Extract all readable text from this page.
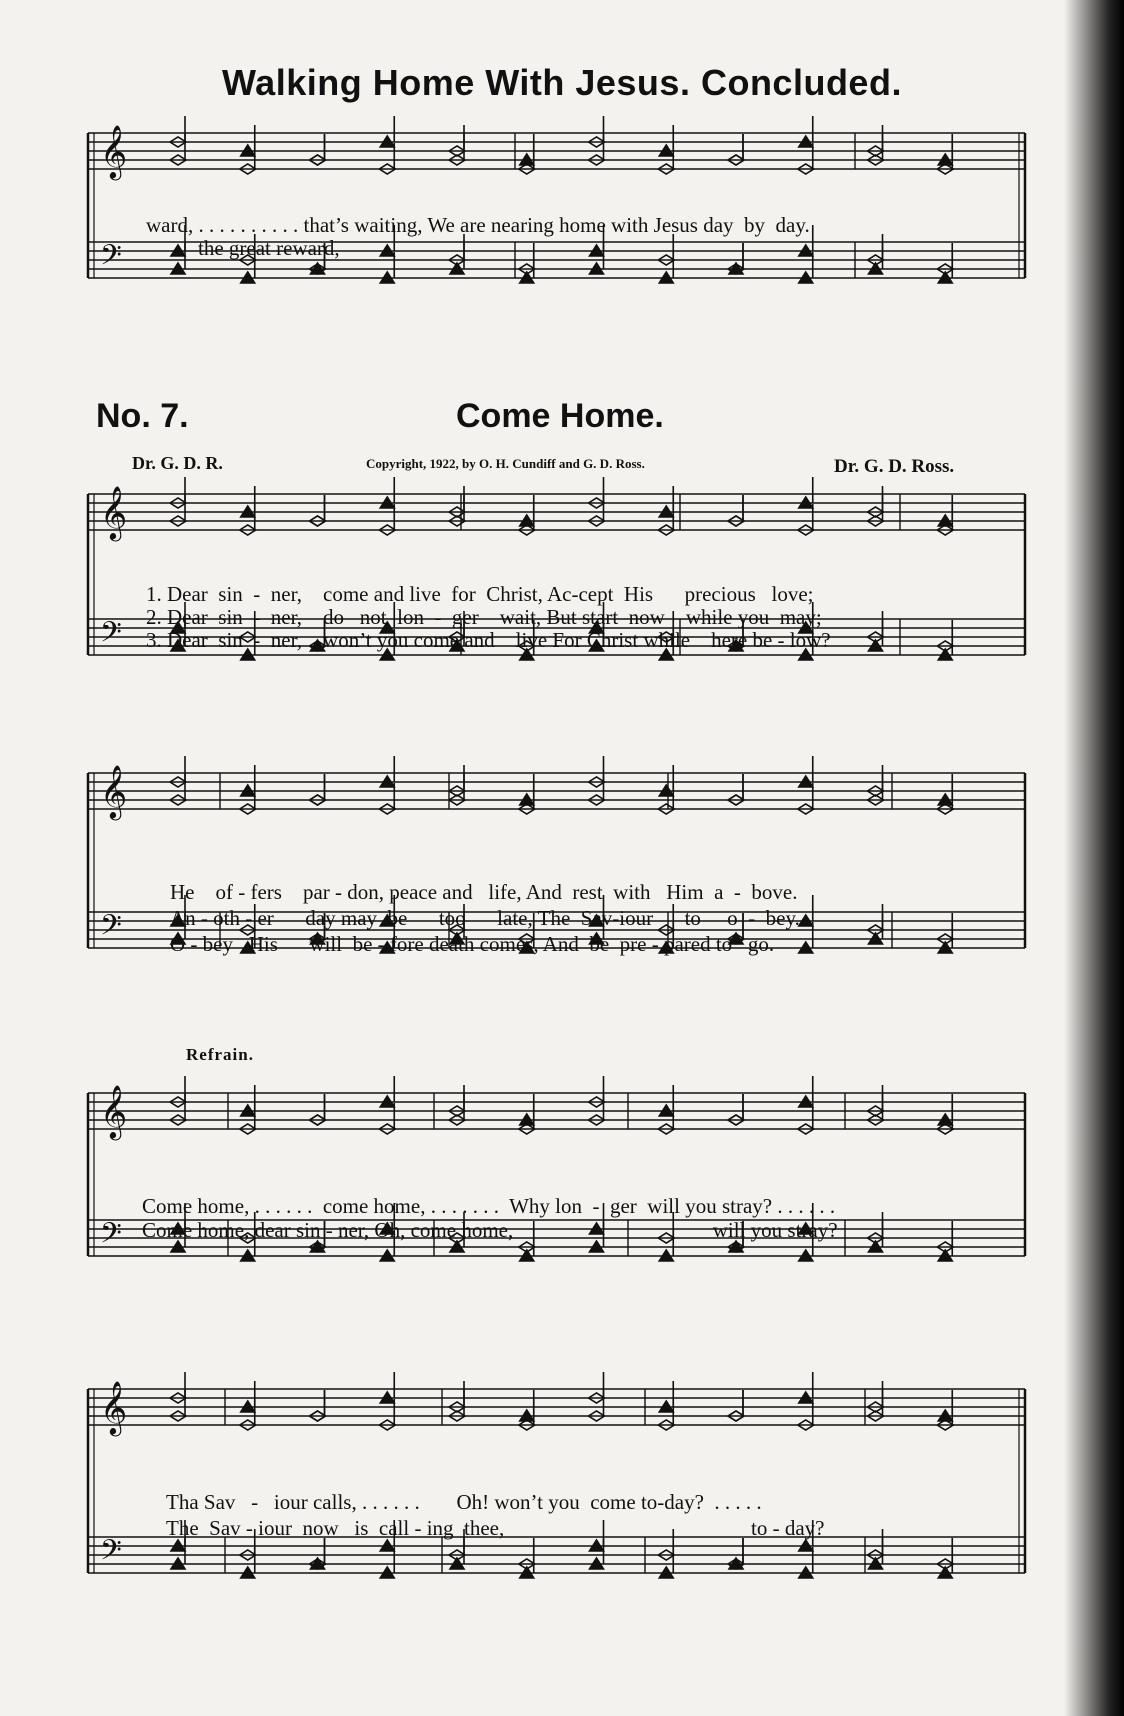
Walking Home With Jesus. Concluded.
𝄞
𝄢
𝄞
𝄢
𝄞
𝄢
𝄞
𝄢
𝄞
𝄢
ward, . . . . . . . . . . that’s waiting, We are nearing home with Jesus day  by  day.
the great reward,
No. 7.	Come Home.
Dr. G. D. R.	Copyright, 1922, by O. H. Cundiff and G. D. Ross.	Dr. G. D. Ross.
1. Dear  sin  -  ner,    come and live  for  Christ, Ac-cept  His      precious   love;
2. Dear  sin  -  ner,    do   not  lon  -  ger    wait, But start  now    while you  may;
3. Dear  sin  -  ner,    won’t you come and    live For Christ while    here be - low?
He    of - fers    par - don, peace and   life, And  rest  with   Him  a  -  bove.
An - oth - er      day may  be      too      late, The  Sav-iour      to     o  -  bey.
O - bey   His      will  be - fore death comes, And  be  pre - pared to   go.
Refrain.
Come home, . . . . . .  come home, . . . . . . .  Why lon  -  ger  will you stray? . . . . . .
Come home, dear sin - ner, Oh, come home,                                      will you stray?
Tha Sav   -   iour calls, . . . . . .       Oh! won’t you  come to-day?  . . . . .
The  Sav - iour  now   is  call - ing  thee,                                               to - day?
